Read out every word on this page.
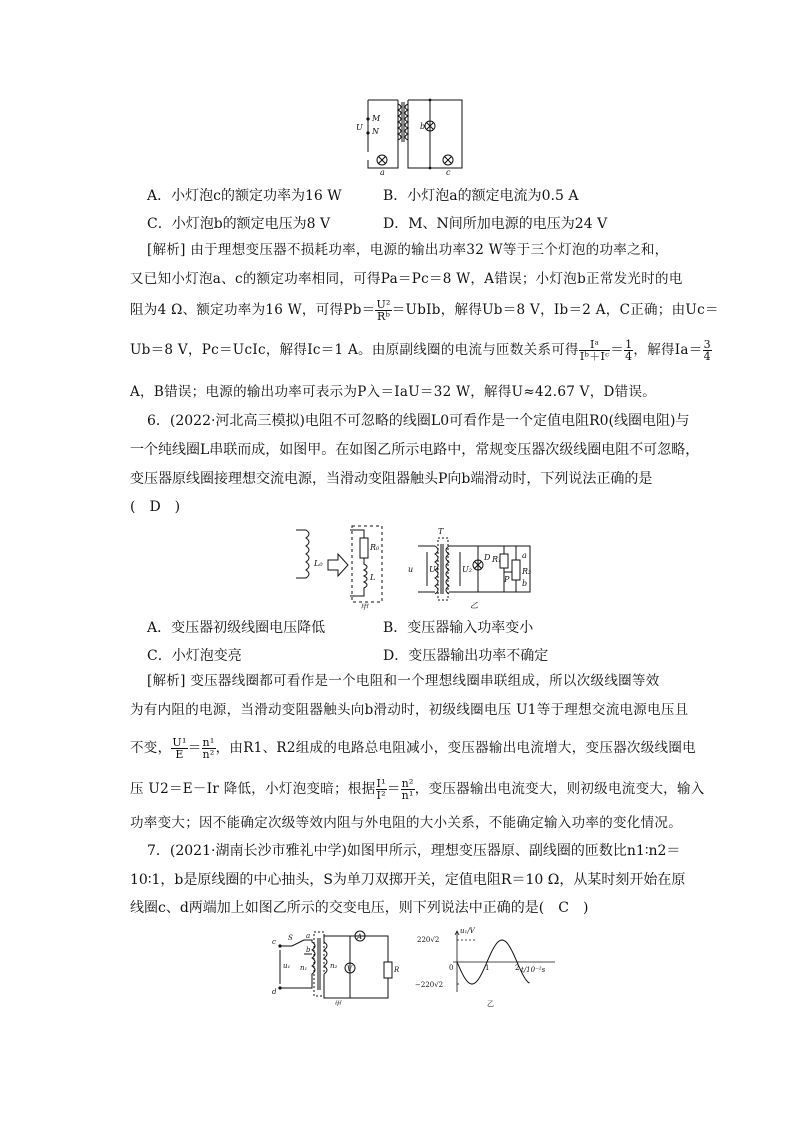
M
N
U	b
a	c
A．小灯泡c的额定功率为16 W	B．小灯泡a的额定电流为0.5 A
C．小灯泡b的额定电压为8 V	D．M、N间所加电源的电压为24 V
[解析] 由于理想变压器不损耗功率，电源的输出功率32 W等于三个灯泡的功率之和，
又已知小灯泡a、c的额定功率相同，可得Pa＝Pc＝8 W，A错误；小灯泡b正常发光时的电
阻为4 Ω、额定功率为16 W，可得$Pb= \frac{\text{U²}}{\text{Rᵇ}}$ ＝UbIb，解得Ub＝8 V，Ib＝2 A，C正确；由Uc＝
Ub＝8 V，Pc＝UcIc，解得Ic＝1 A。由原副线圈的电流与匝数关系可得 $\frac{\text{Iᵃ}}{\text{Iᵇ＋Iᶜ}} = \frac{1}{4}$ ，解得$Ia= \frac{3}{4}$
A，B错误；电源的输出功率可表示为P入＝IaU＝32 W，解得U≈42.67 V，D错误。
6．(2022·河北高三模拟)电阻不可忽略的线圈L0可看作是一个定值电阻R0(线圈电阻)与
一个纯线圈L串联而成，如图甲。在如图乙所示电路中，常规变压器次级线圈电阻不可忽略，
变压器原线圈接理想交流电源，当滑动变阻器触头P向b端滑动时，下列说法正确的是
(　D　)
L₀
R₀
L
甲
T
u U₁	U₂
D R₁
R₂
a
b
P
乙
A．变压器初级线圈电压降低	B．变压器输入功率变小
C．小灯泡变亮	D．变压器输出功率不确定
[解析] 变压器线圈都可看作是一个电阻和一个理想线圈串联组成，所以次级线圈等效
为有内阻的电源，当滑动变阻器触头向b滑动时，初级线圈电压 U1等于理想交流电源电压且
不变， $\frac{\text{U¹}}{E} = \frac{\text{n¹}}{\text{n²}}$ ，由R1、R2组成的电路总电阻减小，变压器输出电流增大，变压器次级线圈电
压 U2＝E－Ir 降低，小灯泡变暗；根据 $\frac{\text{I¹}}{\text{I²}} = \frac{\text{n²}}{\text{n¹}}$ ，变压器输出电流变大，则初级电流变大，输入
功率变大；因不能确定次级等效内阻与外电阻的大小关系，不能确定输入功率的变化情况。
7．(2021·湖南长沙市雅礼中学)如图甲所示，理想变压器原、副线圈的匝数比n1∶n2＝
10∶1，b是原线圈的中心抽头，S为单刀双掷开关，定值电阻R＝10 Ω，从某时刻开始在原
线圈c、d两端加上如图乙所示的交变电压，则下列说法中正确的是(　C　)
c
d
S a
b
u₁ n₁	n₂
A
V	R
甲
u₁/V
220√2
0
−220√2
1	2 t/10⁻²s
乙
